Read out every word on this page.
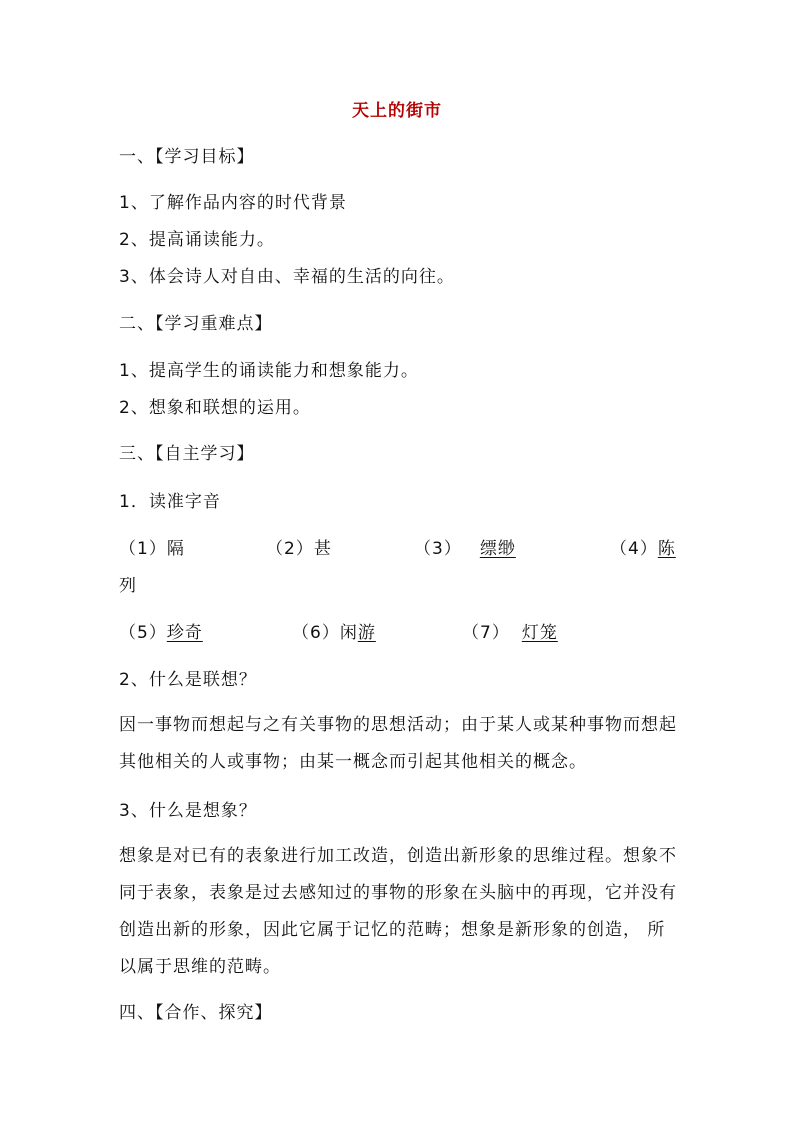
天上的街市
一、【学习目标】
1、了解作品内容的时代背景
2、提高诵读能力。
3、体会诗人对自由、幸福的生活的向往。
二、【学习重难点】
1、提高学生的诵读能力和想象能力。
2、想象和联想的运用。
三、【自主学习】
1．读准字音
（1）隔	（2）甚	（3） 缥缈	（4）陈
列
（5）珍奇	（6）闲游	（7） 灯笼
2、什么是联想？
因一事物而想起与之有关事物的思想活动；由于某人或某种事物而想起其他相关的人或事物；由某一概念而引起其他相关的概念。
3、什么是想象？
想象是对已有的表象进行加工改造，创造出新形象的思维过程。想象不同于表象，表象是过去感知过的事物的形象在头脑中的再现，它并没有创造出新的形象，因此它属于记忆的范畴；想象是新形象的创造， 所以属于思维的范畴。
四、【合作、探究】
